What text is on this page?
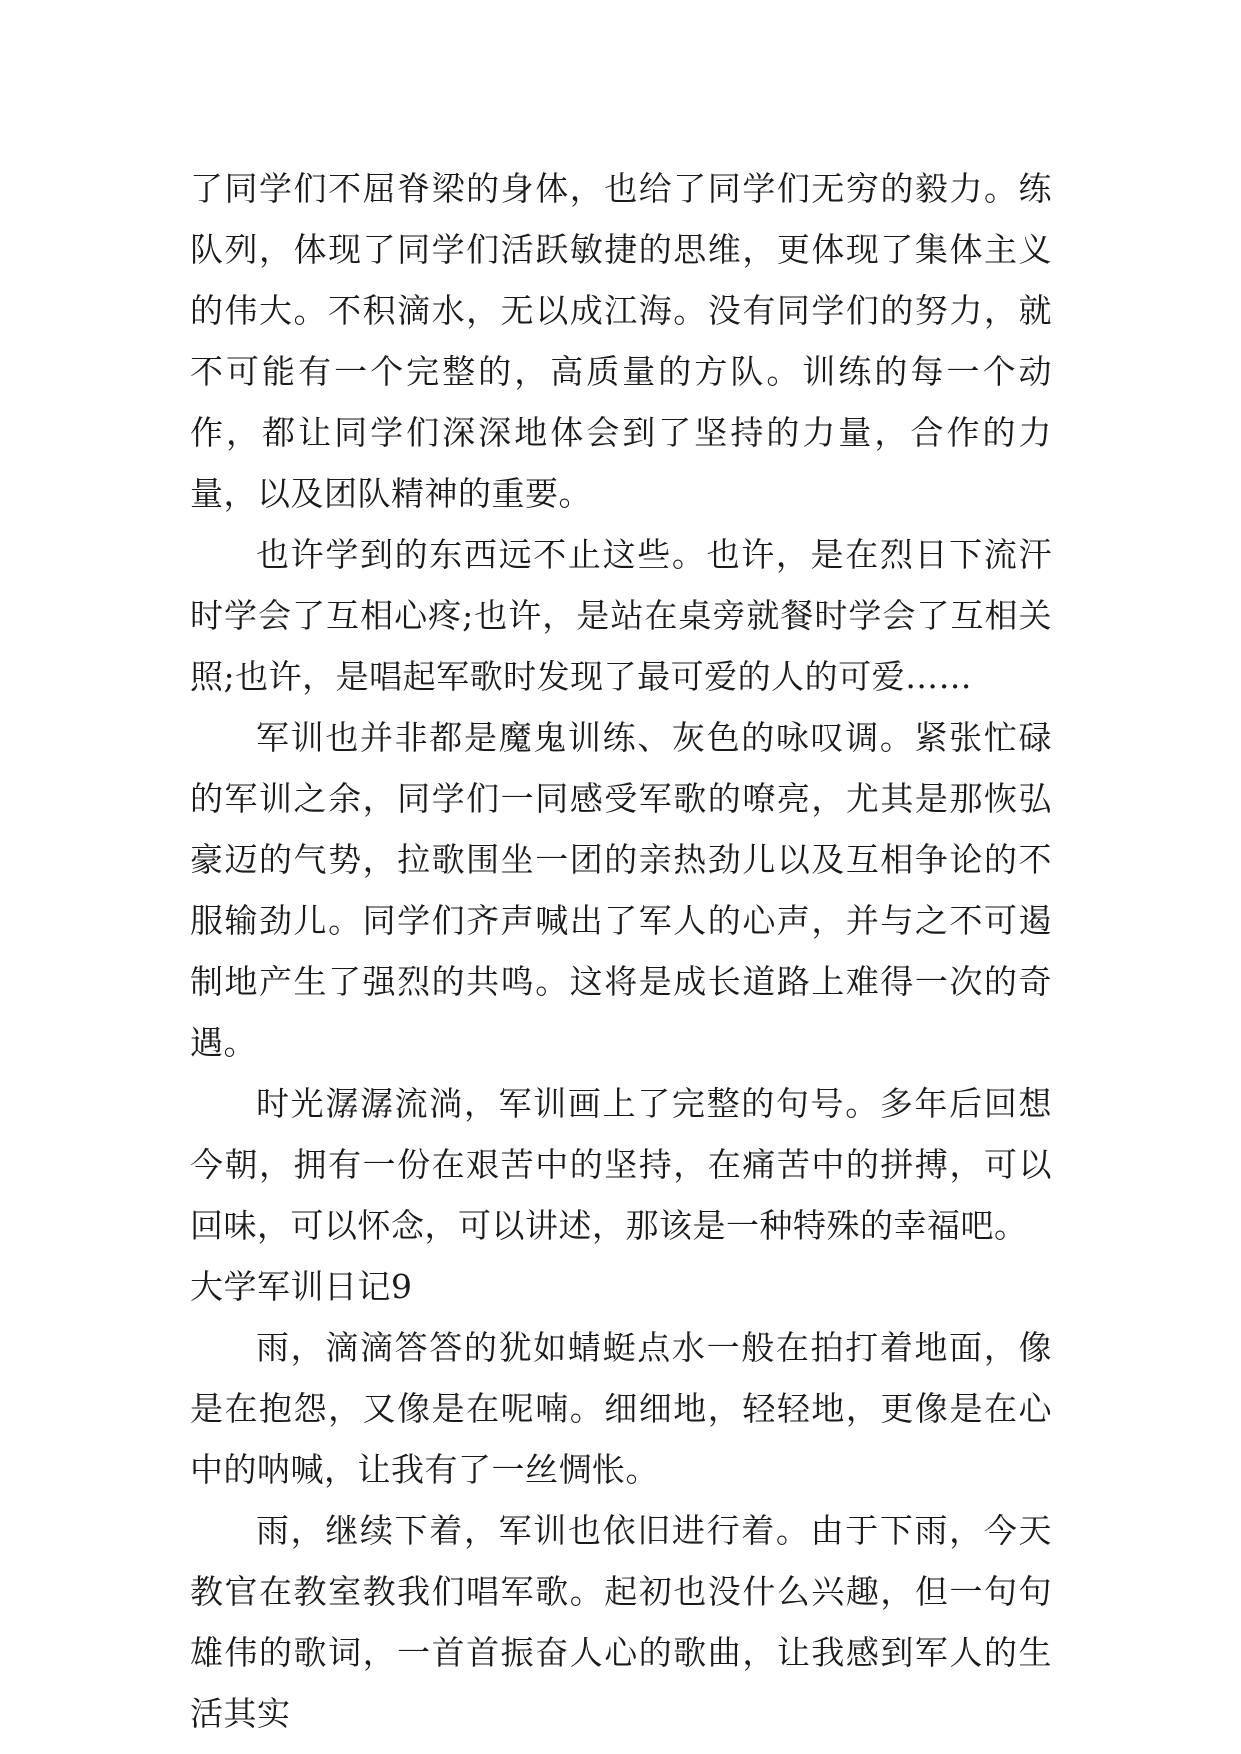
了同学们不屈脊梁的身体，也给了同学们无穷的毅力。练队列，体现了同学们活跃敏捷的思维，更体现了集体主义的伟大。不积滴水，无以成江海。没有同学们的努力，就不可能有一个完整的，高质量的方队。训练的每一个动作，都让同学们深深地体会到了坚持的力量，合作的力量，以及团队精神的重要。

也许学到的东西远不止这些。也许，是在烈日下流汗时学会了互相心疼;也许，是站在桌旁就餐时学会了互相关照;也许，是唱起军歌时发现了最可爱的人的可爱……

军训也并非都是魔鬼训练、灰色的咏叹调。紧张忙碌的军训之余，同学们一同感受军歌的嘹亮，尤其是那恢弘豪迈的气势，拉歌围坐一团的亲热劲儿以及互相争论的不服输劲儿。同学们齐声喊出了军人的心声，并与之不可遏制地产生了强烈的共鸣。这将是成长道路上难得一次的奇遇。

时光潺潺流淌，军训画上了完整的句号。多年后回想今朝，拥有一份在艰苦中的坚持，在痛苦中的拼搏，可以回味，可以怀念，可以讲述，那该是一种特殊的幸福吧。

大学军训日记9

雨，滴滴答答的犹如蜻蜓点水一般在拍打着地面，像是在抱怨，又像是在呢喃。细细地，轻轻地，更像是在心中的呐喊，让我有了一丝惆怅。

雨，继续下着，军训也依旧进行着。由于下雨，今天教官在教室教我们唱军歌。起初也没什么兴趣，但一句句雄伟的歌词，一首首振奋人心的歌曲，让我感到军人的生活其实
